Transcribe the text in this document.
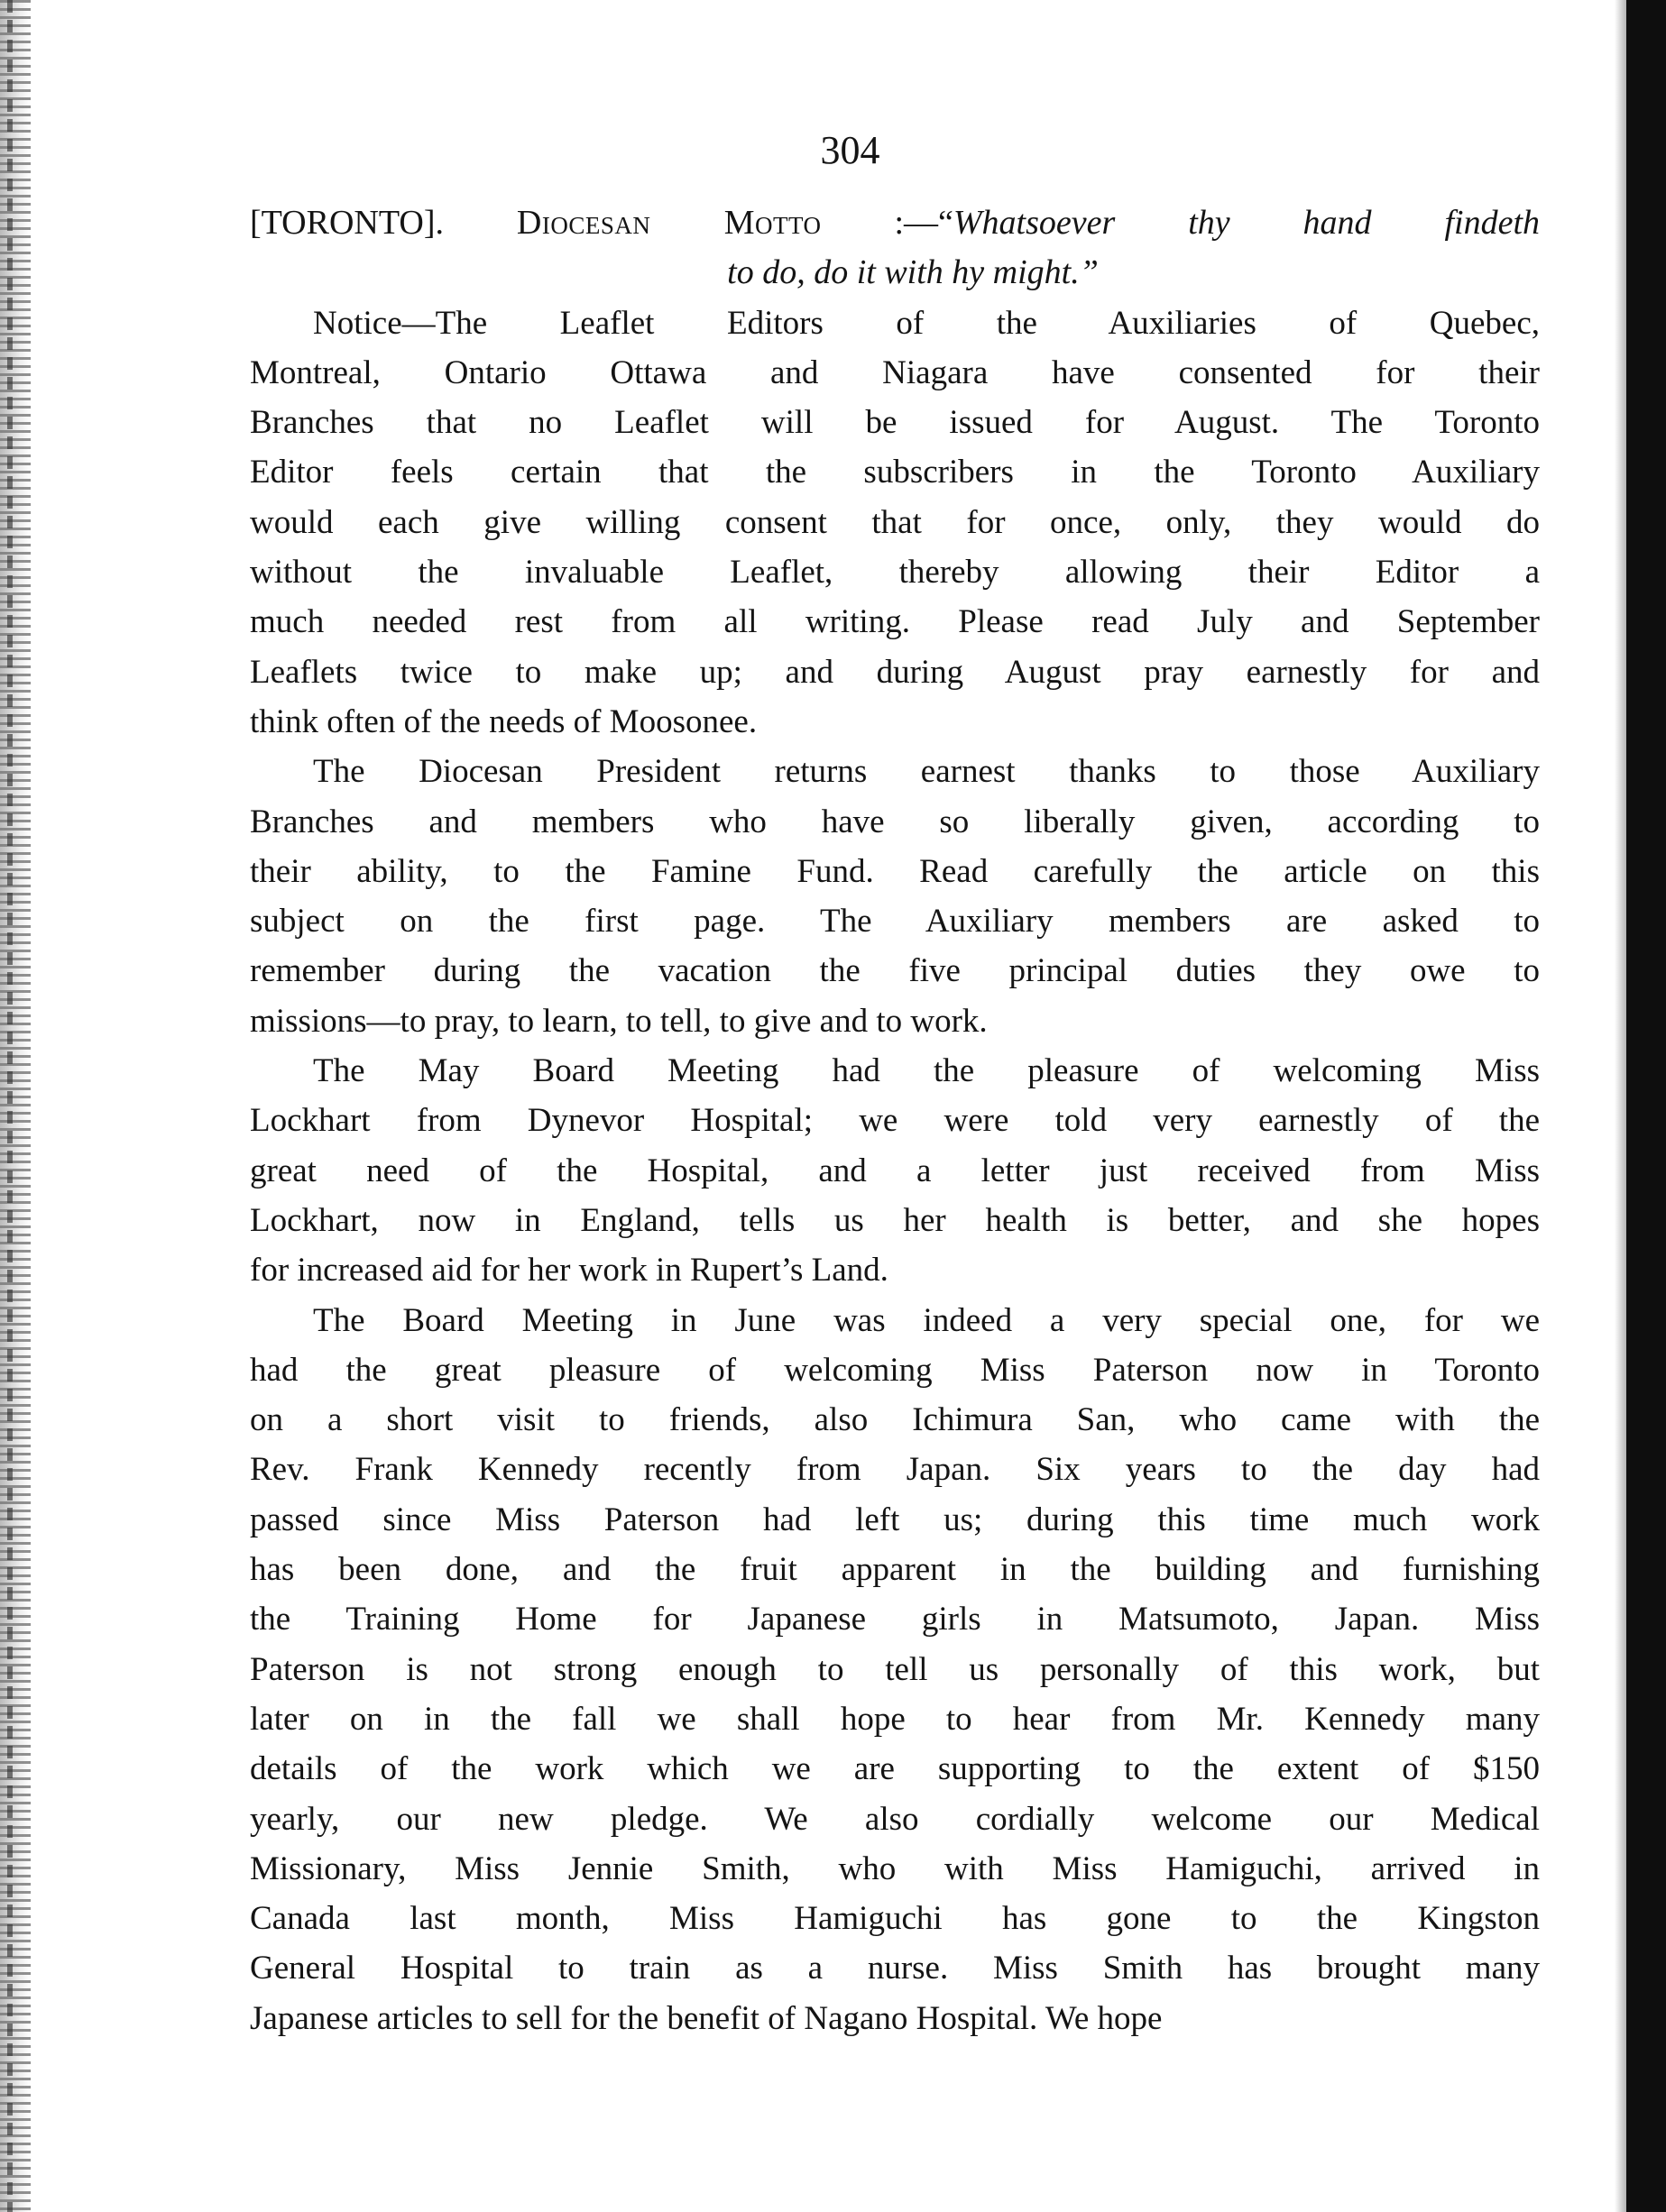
304
[TORONTO]. Diocesan Motto :—“Whatsoever thy hand findeth
to do, do it with hy might.”
Notice—The Leaflet Editors of the Auxiliaries of Quebec,
Montreal, Ontario Ottawa and Niagara have consented for their
Branches that no Leaflet will be issued for August. The Toronto
Editor feels certain that the subscribers in the Toronto Auxiliary
would each give willing consent that for once, only, they would do
without the invaluable Leaflet, thereby allowing their Editor a
much needed rest from all writing. Please read July and September
Leaflets twice to make up; and during August pray earnestly for and
think often of the needs of Moosonee.
The Diocesan President returns earnest thanks to those Auxiliary
Branches and members who have so liberally given, according to
their ability, to the Famine Fund. Read carefully the article on this
subject on the first page. The Auxiliary members are asked to
remember during the vacation the five principal duties they owe to
missions—to pray, to learn, to tell, to give and to work.
The May Board Meeting had the pleasure of welcoming Miss
Lockhart from Dynevor Hospital; we were told very earnestly of the
great need of the Hospital, and a letter just received from Miss
Lockhart, now in England, tells us her health is better, and she hopes
for increased aid for her work in Rupert’s Land.
The Board Meeting in June was indeed a very special one, for we
had the great pleasure of welcoming Miss Paterson now in Toronto
on a short visit to friends, also Ichimura San, who came with the
Rev. Frank Kennedy recently from Japan. Six years to the day had
passed since Miss Paterson had left us; during this time much work
has been done, and the fruit apparent in the building and furnishing
the Training Home for Japanese girls in Matsumoto, Japan. Miss
Paterson is not strong enough to tell us personally of this work, but
later on in the fall we shall hope to hear from Mr. Kennedy many
details of the work which we are supporting to the extent of $150
yearly, our new pledge. We also cordially welcome our Medical
Missionary, Miss Jennie Smith, who with Miss Hamiguchi, arrived in
Canada last month, Miss Hamiguchi has gone to the Kingston
General Hospital to train as a nurse. Miss Smith has brought many
Japanese articles to sell for the benefit of Nagano Hospital. We hope
